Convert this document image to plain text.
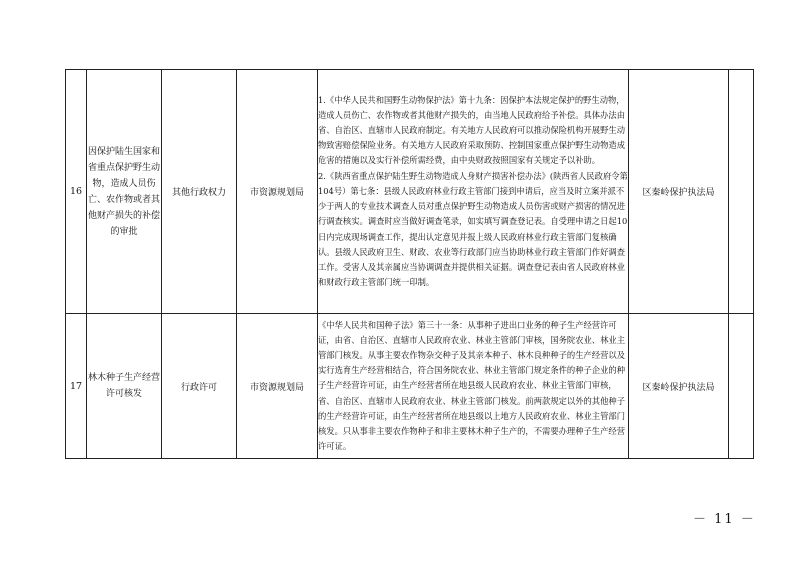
16	因保护陆生国家和省重点保护野生动物，造成人员伤亡、农作物或者其他财产损失的补偿的审批	其他行政权力	市资源规划局	1.《中华人民共和国野生动物保护法》第十九条：因保护本法规定保护的野生动物，造成人员伤亡、农作物或者其他财产损失的，由当地人民政府给予补偿。具体办法由省、自治区、直辖市人民政府制定。有关地方人民政府可以推动保险机构开展野生动物致害赔偿保险业务。有关地方人民政府采取预防、控制国家重点保护野生动物造成危害的措施以及实行补偿所需经费，由中央财政按照国家有关规定予以补助。
2.《陕西省重点保护陆生野生动物造成人身财产损害补偿办法》(陕西省人民政府令第104号）第七条：县级人民政府林业行政主管部门接到申请后，应当及时立案并派不少于两人的专业技术调查人员对重点保护野生动物造成人员伤害或财产损害的情况进行调查核实。调查时应当做好调查笔录，如实填写调查登记表。自受理申请之日起10日内完成现场调查工作，提出认定意见并报上级人民政府林业行政主管部门复核确认。县级人民政府卫生、财政、农业等行政部门应当协助林业行政主管部门作好调查工作。受害人及其亲属应当协调调查并提供相关证据。调查登记表由省人民政府林业和财政行政主管部门统一印制。	区秦岭保护执法局	
17	林木种子生产经营许可核发	行政许可	市资源规划局	《中华人民共和国种子法》第三十一条：从事种子进出口业务的种子生产经营许可证，由省、自治区、直辖市人民政府农业、林业主管部门审核，国务院农业、林业主管部门核发。从事主要农作物杂交种子及其亲本种子、林木良种种子的生产经营以及实行选育生产经营相结合，符合国务院农业、林业主管部门规定条件的种子企业的种子生产经营许可证，由生产经营者所在地县级人民政府农业、林业主管部门审核，省、自治区、直辖市人民政府农业、林业主管部门核发。前两款规定以外的其他种子的生产经营许可证，由生产经营者所在地县级以上地方人民政府农业、林业主管部门核发。只从事非主要农作物种子和非主要林木种子生产的，不需要办理种子生产经营许可证。	区秦岭保护执法局	
－ 11 －
